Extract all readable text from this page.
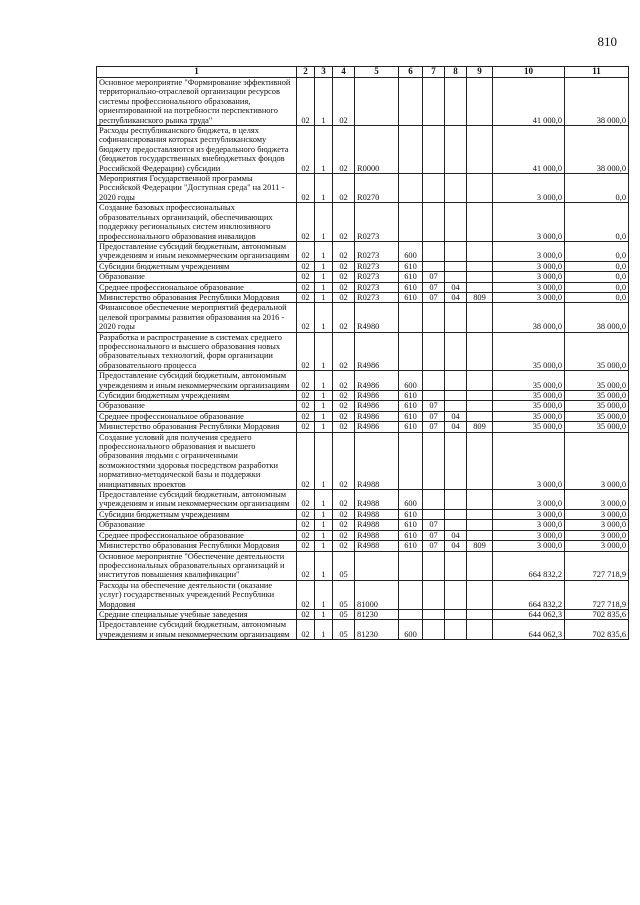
810
1	2	3	4	5	6	7	8	9	10	11
Основное мероприятие "Формирование эффективной территориально-отраслевой организации ресурсов системы профессионального образования, ориентированной на потребности перспективного республиканского рынка труда"	02	1	02						41 000,0	38 000,0
Расходы республиканского бюджета, в целях софинансирования которых республиканскому бюджету предоставляются из федерального бюджета (бюджетов государственных внебюджетных фондов Российской Федерации) субсидии	02	1	02	R0000					41 000,0	38 000,0
Мероприятия Государственной программы Российской Федерации "Доступная среда" на 2011 - 2020 годы	02	1	02	R0270					3 000,0	0,0
Создание базовых профессиональных образовательных организаций, обеспечивающих поддержку региональных систем инклюзивного профессионального образования инвалидов	02	1	02	R0273					3 000,0	0,0
Предоставление субсидий бюджетным, автономным учреждениям и иным некоммерческим организациям	02	1	02	R0273	600				3 000,0	0,0
Субсидии бюджетным учреждениям	02	1	02	R0273	610				3 000,0	0,0
Образование	02	1	02	R0273	610	07			3 000,0	0,0
Среднее профессиональное образование	02	1	02	R0273	610	07	04		3 000,0	0,0
Министерство образования Республики Мордовия	02	1	02	R0273	610	07	04	809	3 000,0	0,0
Финансовое обеспечение мероприятий федеральной целевой программы развития образования на 2016 - 2020 годы	02	1	02	R4980					38 000,0	38 000,0
Разработка и распространение в системах среднего профессионального и высшего образования новых образовательных технологий, форм организации образовательного процесса	02	1	02	R4986					35 000,0	35 000,0
Предоставление субсидий бюджетным, автономным учреждениям и иным некоммерческим организациям	02	1	02	R4986	600				35 000,0	35 000,0
Субсидии бюджетным учреждениям	02	1	02	R4986	610				35 000,0	35 000,0
Образование	02	1	02	R4986	610	07			35 000,0	35 000,0
Среднее профессиональное образование	02	1	02	R4986	610	07	04		35 000,0	35 000,0
Министерство образования Республики Мордовия	02	1	02	R4986	610	07	04	809	35 000,0	35 000,0
Создание условий для получения среднего профессионального образования и высшего образования людьми с ограниченными возможностями здоровья посредством разработки нормативно-методической базы и поддержки инициативных проектов	02	1	02	R4988					3 000,0	3 000,0
Предоставление субсидий бюджетным, автономным учреждениям и иным некоммерческим организациям	02	1	02	R4988	600				3 000,0	3 000,0
Субсидии бюджетным учреждениям	02	1	02	R4988	610				3 000,0	3 000,0
Образование	02	1	02	R4988	610	07			3 000,0	3 000,0
Среднее профессиональное образование	02	1	02	R4988	610	07	04		3 000,0	3 000,0
Министерство образования Республики Мордовия	02	1	02	R4988	610	07	04	809	3 000,0	3 000,0
Основное мероприятие "Обеспечение деятельности профессиональных образовательных организаций и институтов повышения квалификации"	02	1	05						664 832,2	727 718,9
Расходы на обеспечение деятельности (оказание услуг) государственных учреждений Республики Мордовия	02	1	05	81000					664 832,2	727 718,9
Средние специальные учебные заведения	02	1	05	81230					644 062,3	702 835,6
Предоставление субсидий бюджетным, автономным учреждениям и иным некоммерческим организациям	02	1	05	81230	600				644 062,3	702 835,6
